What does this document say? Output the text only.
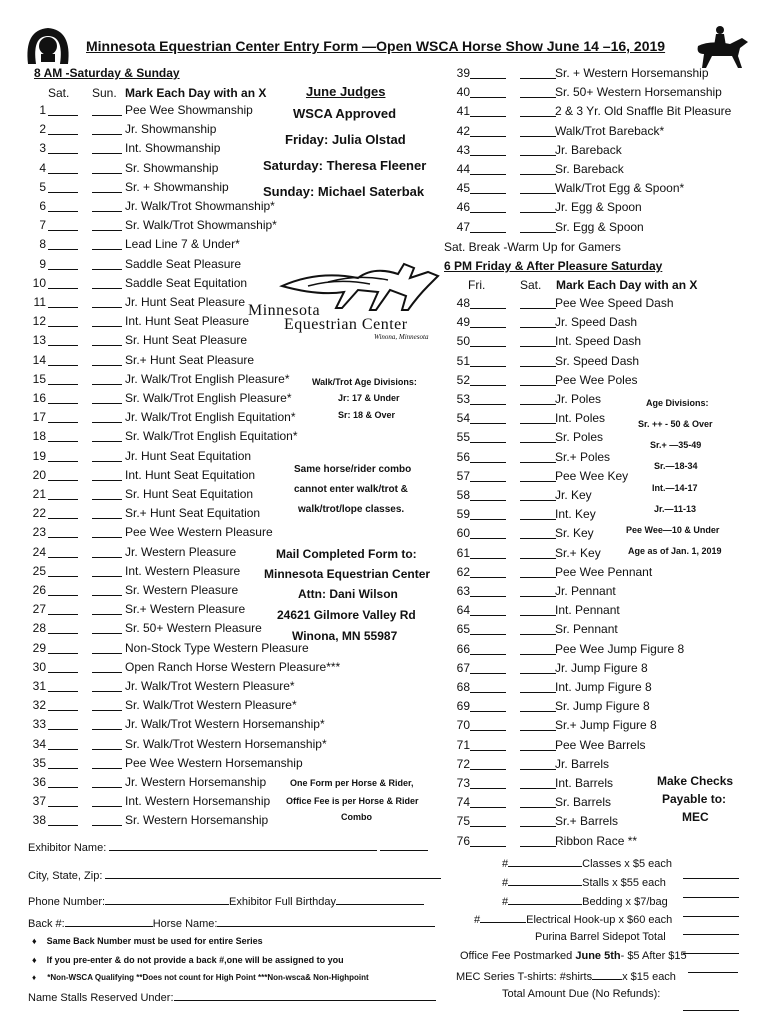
Minnesota Equestrian Center Entry Form —Open WSCA Horse Show June 14 –16, 2019
8 AM -Saturday & Sunday
Sat. Sun. Mark Each Day with an X
1	Pee Wee Showmanship
2	Jr. Showmanship
3	Int. Showmanship
4	Sr. Showmanship
5	Sr. + Showmanship
6	Jr. Walk/Trot Showmanship*
7	Sr. Walk/Trot Showmanship*
8	Lead Line 7 & Under*
9	Saddle Seat Pleasure
10	Saddle Seat Equitation
11	Jr. Hunt Seat Pleasure
12	Int. Hunt Seat Pleasure
13	Sr. Hunt Seat Pleasure
14	Sr.+ Hunt Seat Pleasure
15	Jr. Walk/Trot English Pleasure*
16	Sr. Walk/Trot English Pleasure*
17	Jr. Walk/Trot English Equitation*
18	Sr. Walk/Trot English Equitation*
19	Jr. Hunt Seat Equitation
20	Int. Hunt Seat Equitation
21	Sr. Hunt Seat Equitation
22	Sr.+ Hunt Seat Equitation
23	Pee Wee Western Pleasure
24	Jr. Western Pleasure
25	Int. Western Pleasure
26	Sr. Western Pleasure
27	Sr.+ Western Pleasure
28	Sr. 50+ Western Pleasure
29	Non-Stock Type Western Pleasure
30	Open Ranch Horse Western Pleasure***
31	Jr. Walk/Trot Western Pleasure*
32	Sr. Walk/Trot Western Pleasure*
33	Jr. Walk/Trot Western Horsemanship*
34	Sr. Walk/Trot Western Horsemanship*
35	Pee Wee Western Horsemanship
36	Jr. Western Horsemanship
37	Int. Western Horsemanship
38	Sr. Western Horsemanship
June Judges
WSCA Approved
Friday: Julia Olstad
Saturday: Theresa Fleener
Sunday: Michael Saterbak
Minnesota
Equestrian Center
Winona, Minnesota
Walk/Trot Age Divisions:
Jr: 17 & Under
Sr: 18 & Over
Same horse/rider combo
cannot enter walk/trot &
walk/trot/lope classes.
Mail Completed Form to:
Minnesota Equestrian Center
Attn: Dani Wilson
24621 Gilmore Valley Rd
Winona, MN 55987
One Form per Horse & Rider,
Office Fee is per Horse & Rider
Combo
39	Sr. + Western Horsemanship
40	Sr. 50+ Western Horsemanship
41	2 & 3 Yr. Old Snaffle Bit Pleasure
42	Walk/Trot Bareback*
43	Jr. Bareback
44	Sr. Bareback
45	Walk/Trot Egg & Spoon*
46	Jr. Egg & Spoon
47	Sr. Egg & Spoon
Sat. Break -Warm Up for Gamers
6 PM Friday & After Pleasure Saturday
Fri.	Sat. Mark Each Day with an X
48	Pee Wee Speed Dash
49	Jr. Speed Dash
50	Int. Speed Dash
51	Sr. Speed Dash
52	Pee Wee Poles
53	Jr. Poles
54	Int. Poles
55	Sr. Poles
56	Sr.+ Poles
57	Pee Wee Key
58	Jr. Key
59	Int. Key
60	Sr. Key
61	Sr.+ Key
62	Pee Wee Pennant
63	Jr. Pennant
64	Int. Pennant
65	Sr. Pennant
66	Pee Wee Jump Figure 8
67	Jr. Jump Figure 8
68	Int. Jump Figure 8
69	Sr. Jump Figure 8
70	Sr.+ Jump Figure 8
71	Pee Wee Barrels
72	Jr. Barrels
73	Int. Barrels
74	Sr. Barrels
75	Sr.+ Barrels
76	Ribbon Race **
Age Divisions:
Sr. ++ - 50 & Over
Sr.+ —35-49
Sr.—18-34
Int.—14-17
Jr.—11-13
Pee Wee—10 & Under
Age as of Jan. 1, 2019
Make Checks
Payable to:
MEC
Exhibitor Name:
City, State, Zip:
Phone Number:	Exhibitor Full Birthday
Back #:	Horse Name:
♦    Same Back Number must be used for entire Series
♦    If you pre-enter & do not provide a back #,one will be assigned to you
♦     *Non-WSCA Qualifying **Does not count for High Point ***Non-wsca& Non-Highpoint
Name Stalls Reserved Under:
#	Classes x $5 each
#	Stalls x $55 each
#	Bedding x $7/bag
#	Electrical Hook-up x $60 each
Purina Barrel Sidepot Total
Office Fee Postmarked June 5th- $5 After $15
MEC Series T-shirts: #shirts	x $15 each
Total Amount Due (No Refunds):
